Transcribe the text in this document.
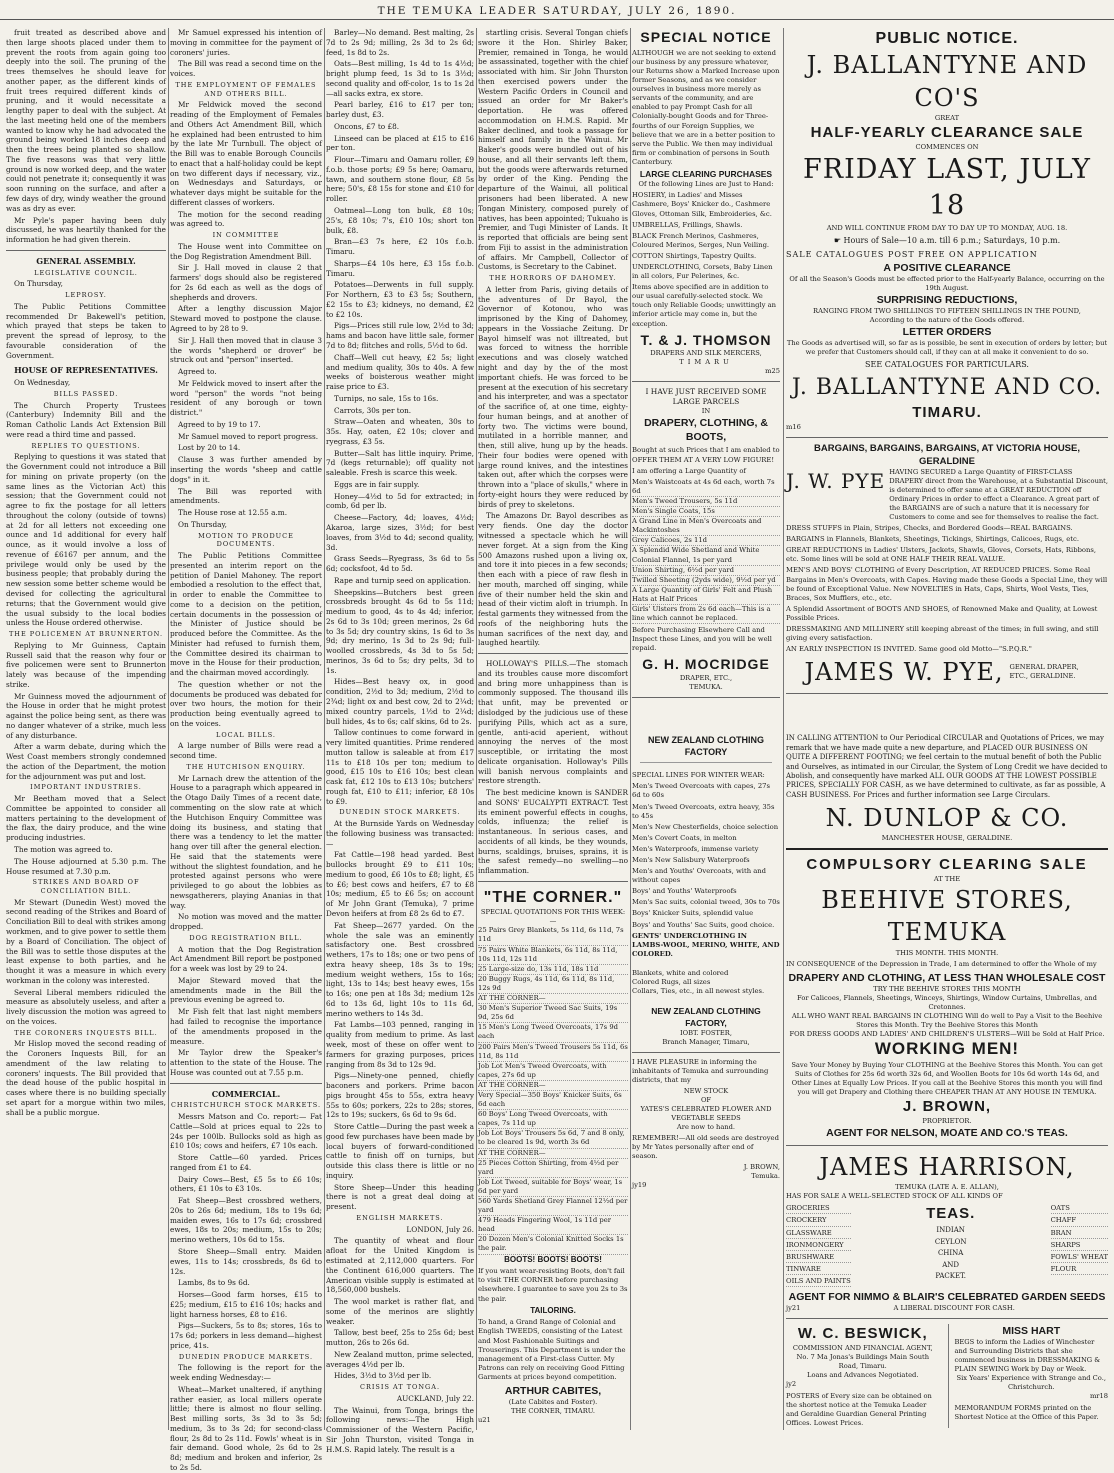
THE TEMUKA LEADER SATURDAY, JULY 26, 1890.

fruit treated as described above and then large shoots placed under them to prevent the roots from again going too deeply into the soil. The pruning of the trees themselves he should leave for another paper, as the different kinds of fruit trees required different kinds of pruning, and it would necessitate a lengthy paper to deal with the subject. At the last meeting held one of the members wanted to know why he had advocated the ground being worked 18 inches deep and then the trees being planted so shallow. The five reasons was that very little ground is now worked deep, and the water could not penetrate it; consequently it was soon running on the surface, and after a few days of dry, windy weather the ground was as dry as ever.

Mr Pyle's paper having been duly discussed, he was heartily thanked for the information he had given therein.

GENERAL ASSEMBLY.
LEGISLATIVE COUNCIL.

On Thursday,

LEPROSY.

The Public Petitions Committee recommended Dr Bakewell's petition, which prayed that steps be taken to prevent the spread of leprosy, to the favourable consideration of the Government.

HOUSE OF REPRESENTATIVES.

On Wednesday,

BILLS PASSED.

The Church Property Trustees (Canterbury) Indemnity Bill and the Roman Catholic Lands Act Extension Bill were read a third time and passed.

REPLIES TO QUESTIONS.

Replying to questions it was stated that the Government could not introduce a Bill for mining on private property (on the same lines as the Victorian Act) this session; that the Government could not agree to fix the postage for all letters throughout the colony (outside of towns) at 2d for all letters not exceeding one ounce and 1d additional for every half ounce, as it would involve a loss of revenue of £6167 per annum, and the privilege would only be used by the business people; that probably during the new session some better scheme would be devised for collecting the agricultural returns; that the Government would give the usual subsidy to the local bodies unless the House ordered otherwise.

THE POLICEMEN AT BRUNNERTON.

Replying to Mr Guinness, Captain Russell said that the reason why four or five policemen were sent to Brunnerton lately was because of the impending strike.

Mr Guinness moved the adjournment of the House in order that he might protest against the police being sent, as there was no danger whatever of a strike, much less of any disturbance.

After a warm debate, during which the West Coast members strongly condemned the action of the Department, the motion for the adjournment was put and lost.

IMPORTANT INDUSTRIES.

Mr Beetham moved that a Select Committee be appointed to consider all matters pertaining to the development of the flax, the dairy produce, and the wine producing industries.

The motion was agreed to.

The House adjourned at 5.30 p.m. The House resumed at 7.30 p.m.

STRIKES AND BOARD OF CONCILIATION BILL.

Mr Stewart (Dunedin West) moved the second reading of the Strikes and Board of Conciliation Bill to deal with strikes among workmen, and to give power to settle them by a Board of Conciliation. The object of the Bill was to settle those disputes at the least expense to both parties, and he thought it was a measure in which every workman in the colony was interested.

Several Liberal members ridiculed the measure as absolutely useless, and after a lively discussion the motion was agreed to on the voices.

THE CORONERS INQUESTS BILL.

Mr Hislop moved the second reading of the Coroners Inquests Bill, for an amendment of the law relating to coroners' inquests. The Bill provided that the dead house of the public hospital in cases where there is no building specially set apart for a morgue within two miles, shall be a public morgue.

Mr Samuel expressed his intention of moving in committee for the payment of coroners' juries.

The Bill was read a second time on the voices.

THE EMPLOYMENT OF FEMALES AND OTHERS BILL.

Mr Feldwick moved the second reading of the Employment of Females and Others Act Amendment Bill, which he explained had been entrusted to him by the late Mr Turnbull. The object of the Bill was to enable Borough Councils to enact that a half-holiday could be kept on two different days if necessary, viz., on Wednesdays and Saturdays, or whatever days might be suitable for the different classes of workers.

The motion for the second reading was agreed to.

IN COMMITTEE

The House went into Committee on the Dog Registration Amendment Bill.

Sir J. Hall moved in clause 2 that farmers' dogs should also be registered for 2s 6d each as well as the dogs of shepherds and drovers.

After a lengthy discussion Major Steward moved to postpone the clause. Agreed to by 28 to 9.

Sir J. Hall then moved that in clause 3 the words "shepherd or drover" be struck out and "person" inserted.

Agreed to.

Mr Feldwick moved to insert after the word "person" the words "not being resident of any borough or town district."

Agreed to by 19 to 17.

Mr Samuel moved to report progress.

Lost by 20 to 14.

Clause 3 was further amended by inserting the words "sheep and cattle dogs" in it.

The Bill was reported with amendments.

The House rose at 12.55 a.m.

On Thursday,

MOTION TO PRODUCE DOCUMENTS.

The Public Petitions Committee presented an interim report on the petition of Daniel Mahoney. The report embodied a resolution to the effect that, in order to enable the Committee to come to a decision on the petition, certain documents in the possession of the Minister of Justice should be produced before the Committee. As the Minister had refused to furnish them, the Committee desired its chairman to move in the House for their production, and the chairman moved accordingly.

The question whether or not the documents be produced was debated for over two hours, the motion for their production being eventually agreed to on the voices.

LOCAL BILLS.

A large number of Bills were read a second time.

THE HUTCHISON ENQUIRY.

Mr Larnach drew the attention of the House to a paragraph which appeared in the Otago Daily Times of a recent date, commenting on the slow rate at which the Hutchison Enquiry Committee was doing its business, and stating that there was a tendency to let the matter hang over till after the general election. He said that the statements were without the slightest foundation, and he protested against persons who were privileged to go about the lobbies as newsgatherers, playing Ananias in that way.

No motion was moved and the matter dropped.

DOG REGISTRATION BILL.

A motion that the Dog Registration Act Amendment Bill report be postponed for a week was lost by 29 to 24.

Major Steward moved that the amendments made in the Bill the previous evening be agreed to.

Mr Fish felt that last night members had failed to recognise the importance of the amendments proposed in the measure.

Mr Taylor drew the Speaker's attention to the state of the House. The House was counted out at 7.55 p.m.

COMMERCIAL.
CHRISTCHURCH STOCK MARKETS.

Messrs Matson and Co. report:— Fat Cattle—Sold at prices equal to 22s to 24s per 100lb. Bullocks sold as high as £10 10s; cows and heifers, £7 10s each.

Store Cattle—60 yarded. Prices ranged from £1 to £4.

Dairy Cows—Best, £5 5s to £6 10s; others, £1 10s to £3 10s.

Fat Sheep—Best crossbred wethers, 20s to 26s 6d; medium, 18s to 19s 6d; maiden ewes, 16s to 17s 6d; crossbred ewes, 18s to 20s; medium, 15s to 20s; merino wethers, 10s 6d to 15s.

Store Sheep—Small entry. Maiden ewes, 11s to 14s; crossbreds, 8s 6d to 12s.

Lambs, 8s to 9s 6d.

Horses—Good farm horses, £15 to £25; medium, £15 to £16 10s; hacks and light harness horses, £8 to £16.

Pigs—Suckers, 5s to 8s; stores, 16s to 17s 6d; porkers in less demand—highest price, 41s.

DUNEDIN PRODUCE MARKETS.

The following is the report for the week ending Wednesday:—

Wheat—Market unaltered, if anything rather easier, as local millers operate little; there is almost no flour selling. Best milling sorts, 3s 3d to 3s 5d; medium, 3s to 3s 2d; for second-class flour, 2s 8d to 2s 11d. Fowls' wheat is in fair demand. Good whole, 2s 6d to 2s 8d; medium and broken and inferior, 2s to 2s 5d.

Barley—No demand. Best malting, 2s 7d to 2s 9d; milling, 2s 3d to 2s 6d; feed, 1s 8d to 2s.

Oats—Best milling, 1s 4d to 1s 4½d; bright plump feed, 1s 3d to 1s 3½d; second quality and off-color, 1s to 1s 2d—all sacks extra, ex store.

Pearl barley, £16 to £17 per ton; barley dust, £3.

Oncons, £7 to £8.

Linseed can be placed at £15 to £16 per ton.

Flour—Timaru and Oamaru roller, £9 f.o.b. those ports; £9 5s here; Oamaru, tawn, and southern stone flour, £8 5s here; 50's, £8 15s for stone and £10 for roller.

Oatmeal—Long ton bulk, £8 10s; 25's, £8 10s; 7's, £10 10s; short ton bulk, £8.

Bran—£3 7s here, £2 10s f.o.b. Timaru.

Sharps—£4 10s here, £3 15s f.o.b. Timaru.

Potatoes—Derwents in full supply. For Northern, £3 to £3 5s; Southern, £2 15s to £3; kidneys, no demand, £2 to £2 10s.

Pigs—Prices still rule low, 2½d to 3d; hams and bacon have little sale, former 7d to 8d; flitches and rolls, 5½d to 6d.

Chaff—Well cut heavy, £2 5s; light and medium quality, 30s to 40s. A few weeks of boisterous weather might raise price to £3.

Turnips, no sale, 15s to 16s.

Carrots, 30s per ton.

Straw—Oaten and wheaten, 30s to 35s. Hay, oaten, £2 10s; clover and ryegrass, £3 5s.

Butter—Salt has little inquiry. Prime, 7d (kegs returnable); off quality not saleable. Fresh is scarce this week.

Eggs are in fair supply.

Honey—4½d to 5d for extracted; in comb, 6d per lb.

Cheese—Factory, 4d; loaves, 4½d; Akaroa, large sizes, 3½d; for best loaves, from 3½d to 4d; second quality, 3d.

Grass Seeds—Ryegrass, 3s 6d to 5s 6d; cocksfoot, 4d to 5d.

Rape and turnip seed on application.

Sheepskins—Butchers best green crossbreds brought 4s 6d to 5s 11d; medium to good, 4s to 4s 4d; inferior, 2s 6d to 3s 10d; green merinos, 2s 6d to 3s 5d; dry country skins, 1s 6d to 3s 9d; dry merino, 1s 3d to 2s 9d; full-woolled crossbreds, 4s 3d to 5s 5d; merinos, 3s 6d to 5s; dry pelts, 3d to 1s.

Hides—Best heavy ox, in good condition, 2½d to 3d; medium, 2½d to 2¾d; light ox and best cow, 2d to 2¼d; mixed country parcels, 1½d to 2¼d; bull hides, 4s to 6s; calf skins, 6d to 2s.

Tallow continues to come forward in very limited quantities. Prime rendered mutton tallow is saleable at from £17 11s to £18 10s per ton; medium to good, £15 10s to £16 10s; best clean cask fat, £12 10s to £13 10s; butchers' rough fat, £10 to £11; inferior, £8 10s to £9.

DUNEDIN STOCK MARKETS.

At the Burnside Yards on Wednesday the following business was transacted:—

Fat Cattle—198 head yarded. Best bullocks brought £9 to £11 10s; medium to good, £6 10s to £8; light, £5 to £6; best cows and heifers, £7 to £8 10s; medium, £5 to £6 5s; on account of Mr John Grant (Temuka), 7 prime Devon heifers at from £8 2s 6d to £7.

Fat Sheep—2677 yarded. On the whole the sale was an eminently satisfactory one. Best crossbred wethers, 17s to 18s; one or two pens of extra heavy sheep, 18s 3s to 19s; medium weight wethers, 15s to 16s; light, 13s to 14s; best heavy ewes, 15s to 16s; one pen at 18s 3d; medium 12s 6d to 13s 6d, light 10s to 11s 6d, merino wethers to 14s 3d.

Fat Lambs—103 penned, ranging in quality from medium to prime. As last week, most of these on offer went to farmers for grazing purposes, prices ranging from 8s 3d to 12s 9d.

Pigs—Ninety-one penned, chiefly baconers and porkers. Prime bacon pigs brought 45s to 55s, extra heavy 55s to 60s; porkers, 22s to 28s; stores, 12s to 19s; suckers, 6s 6d to 9s 6d.

Store Cattle—During the past week a good few purchases have been made by local buyers of forward-conditioned cattle to finish off on turnips, but outside this class there is little or no inquiry.

Store Sheep—Under this heading there is not a great deal doing at present.

ENGLISH MARKETS.

LONDON, July 26.

The quantity of wheat and flour afloat for the United Kingdom is estimated at 2,112,000 quarters. For the Continent 616,000 quarters. The American visible supply is estimated at 18,560,000 bushels.

The wool market is rather flat, and some of the merinos are slightly weaker.

Tallow, best beef, 25s to 25s 6d; best mutton, 26s to 26s 6d.

New Zealand mutton, prime selected, averages 4½d per lb.

Hides, 3½d to 3½d per lb.

CRISIS AT TONGA.

AUCKLAND, July 22.

The Wainui, from Tonga, brings the following news:—The High Commissioner of the Western Pacific, Sir John Thurston, visited Tonga in H.M.S. Rapid lately. The result is a

startling crisis. Several Tongan chiefs swore it the Hon. Shirley Baker, Premier, remained in Tonga, he would be assassinated, together with the chief associated with him. Sir John Thurston then exercised powers under the Western Pacific Orders in Council and issued an order for Mr Baker's deportation. He was offered accommodation on H.M.S. Rapid. Mr Baker declined, and took a passage for himself and family in the Wainui. Mr Baker's goods were bundled out of his house, and all their servants left them, but the goods were afterwards returned by order of the King. Pending the departure of the Wainui, all political prisoners had been liberated. A new Tongan Ministery, composed purely of natives, has been appointed; Tukuaho is Premier, and Tugi Minister of Lands. It is reported that officials are being sent from Fiji to assist in the administration of affairs. Mr Campbell, Collector of Customs, is Secretary to the Cabinet.

THE HORRORS OF DAHOMEY.

A letter from Paris, giving details of the adventures of Dr Bayol, the Governor of Kotonou, who was imprisoned by the King of Dahomey, appears in the Vossiache Zeitung. Dr Bayol himself was not illtreated, but was forced to witness the horrible executions and was closely watched night and day by the of the most important chiefs. He was forced to be present at the execution of his secretary and his interpreter, and was a spectator of the sacrifice of, at one time, eighty-four human beings, and at another of forty two. The victims were bound, mutilated in a horrible manner, and then, still alive, hung up by the heads. Their four bodies were opened with large round knives, and the intestines taken out, after which the corpses were thrown into a "place of skulls," where in forty-eight hours they were reduced by birds of prey to skeletons.

The Amazons Dr. Bayol describes as very fiends. One day the doctor witnessed a spectacle which he will never forget. At a sign from the King 500 Amazons rushed upon a living ox, and tore it into pieces in a few seconds; then each with a piece of raw flesh in her mouth, marched off singing, while five of their number held the skin and head of their victim aloft in triumph. In festal garments they witnessed from the roofs of the neighboring huts the human sacrifices of the next day, and laughed heartily.

HOLLOWAY'S PILLS.—The stomach and its troubles cause more discomfort and bring more unhappiness than is commonly supposed. The thousand ills that unfit, may be prevented or dislodged by the judicious use of these purifying Pills, which act as a sure, gentle, anti-acid aperient, without annoying the nerves of the most susceptible, or irritating the most delicate organisation. Holloway's Pills will banish nervous complaints and restore strength.

The best medicine known is SANDER and SONS' EUCALYPTI EXTRACT. Test its eminent powerful effects in coughs, colds, influenza; the relief is instantaneous. In serious cases, and accidents of all kinds, be they wounds, burns, scaldings, bruises, sprains, it is the safest remedy—no swelling—no inflammation.

"THE CORNER."
SPECIAL QUOTATIONS FOR THIS WEEK:—
25 Pairs Grey Blankets, 5s 11d, 6s 11d, 7s 11d
75 Pairs White Blankets, 6s 11d, 8s 11d, 10s 11d, 12s 11d
25 Large-size do, 13s 11d, 18s 11d
20 Buggy Rugs, 4s 11d, 6s 11d, 8s 11d, 12s 9d
AT THE CORNER—
30 Men's Superior Tweed Sac Suits, 19s 9d, 25s 6d
15 Men's Long Tweed Overcoats, 17s 9d each
200 Pairs Men's Tweed Trousers 5s 11d, 6s 11d, 8s 11d
Job Lot Men's Tweed Overcoats, with capes, 27s 6d up
AT THE CORNER—
Very Special—350 Boys' Knicker Suits, 6s 6d each
60 Boys' Long Tweed Overcoats, with capes, 7s 11d up
Job Lot Boys' Trousers 5s 6d, 7 and 8 only, to be cleared 1s 9d, worth 3s 6d
AT THE CORNER—
25 Pieces Cotton Shirting, from 4½d per yard
Job Lot Tweed, suitable for Boys' wear, 1s 6d per yard
560 Yards Shetland Grey Flannel 12½d per yard
479 Heads Fingering Wool, 1s 11d per head
20 Dozen Men's Colonial Knitted Socks 1s the pair.
BOOTS! BOOTS! BOOTS!
If you want wear-resisting Boots, don't fail to visit THE CORNER before purchasing elsewhere. I guarantee to save you 2s to 3s the pair.
TAILORING.
To hand, a Grand Range of Colonial and English TWEEDS, consisting of the Latest and Most Fashionable Suitings and Trouserings. This Department is under the management of a First-class Cutter. My Patrons can rely on receiving Good Fitting Garments at prices beyond competition.
ARTHUR CABITES,
(Late Cabites and Foster).
THE CORNER, TIMARU.
u21
SPECIAL NOTICE
ALTHOUGH we are not seeking to extend our business by any pressure whatever, our Returns show a Marked Increase upon former Seasons, and as we consider ourselves in business more merely as servants of the community, and are enabled to pay Prompt Cash for all Colonially-bought Goods and for Three-fourths of our Foreign Supplies, we believe that we are in a better position to serve the Public. We then may individual firm or combination of persons in South Canterbury.
LARGE CLEARING PURCHASES
Of the following Lines are Just to Hand:
HOSIERY, in Ladies' and Misses Cashmere, Boys' Knicker do., Cashmere Gloves, Ottoman Silk, Embroideries, &c.
UMBRELLAS, Frillings, Shawls.
BLACK French Merinos, Cashmeres, Coloured Merinos, Serges, Nun Veiling.
COTTON Shirtings, Tapestry Quilts.
UNDERCLOTHING, Corsets, Baby Linen in all colors, Fur Pelerines, &c.
Items above specified are in addition to our usual carefully-selected stock. We touch only Reliable Goods; unwittingly an inferior article may come in, but the exception.
T. & J. THOMSON
DRAPERS AND SILK MERCERS,
TIMARU
m25
I HAVE JUST RECEIVED SOME LARGE PARCELS
IN
DRAPERY, CLOTHING, & BOOTS,
Bought at such Prices that I am enabled to OFFER THEM AT A VERY LOW FIGURE!
I am offering a Large Quantity of
Men's Waistcoats at 4s 6d each, worth 7s 6d
Men's Tweed Trousers, 5s 11d
Men's Single Coats, 15s
A Grand Line in Men's Overcoats and Mackintoshes
Grey Calicoes, 2s 11d
A Splendid Wide Shetland and White Colonial Flannel, 1s per yard
Union Shirting, 6½d per yard
Twilled Sheeting (2yds wide), 9½d per yd
A Large Quantity of Girls' Felt and Plush Hats at Half Prices
Girls' Ulsters from 2s 6d each—This is a line which cannot be replaced.
Before Purchasing Elsewhere Call and Inspect these Lines, and you will be well repaid.
G. H. MOCRIDGE
DRAPER, ETC.,
TEMUKA.
NEW ZEALAND CLOTHING FACTORY
SPECIAL LINES FOR WINTER WEAR:
Men's Tweed Overcoats with capes, 27s 6d to 60s
Men's Tweed Overcoats, extra heavy, 35s to 45s
Men's New Chesterfields, choice selection
Men's Covert Coats, in melton
Men's Waterproofs, immense variety
Men's New Salisbury Waterproofs
Men's and Youths' Overcoats, with and without capes
Boys' and Youths' Waterproofs
Men's Sac suits, colonial tweed, 30s to 70s
Boys' Knicker Suits, splendid value
Boys' and Youths' Sac Suits, good choice.
GENTS' UNDERCLOTHING IN LAMBS-WOOL, MERINO, WHITE, AND COLORED.
Blankets, white and colored
Colored Rugs, all sizes
Collars, Ties, etc., in all newest styles.
NEW ZEALAND CLOTHING FACTORY,
IOBT. FOSTER,
Branch Manager, Timaru,
I HAVE PLEASURE in informing the inhabitants of Temuka and surrounding districts, that my
NEW STOCK
OF
YATES'S CELEBRATED FLOWER AND VEGETABLE SEEDS
Are now to hand.
REMEMBER!—All old seeds are destroyed by Mr Yates personally after end of season.
J. BROWN,
Temuka.
jy19
PUBLIC NOTICE.
J. BALLANTYNE AND CO'S
GREAT
HALF-YEARLY CLEARANCE SALE
COMMENCES ON
FRIDAY LAST, JULY 18
AND WILL CONTINUE FROM DAY TO DAY UP TO MONDAY, AUG. 18.
☛ Hours of Sale—10 a.m. till 6 p.m.; Saturdays, 10 p.m.
SALE CATALOGUES POST FREE ON APPLICATION
A POSITIVE CLEARANCE
Of all the Season's Goods must be effected prior to the Half-yearly Balance, occurring on the 19th August.
SURPRISING REDUCTIONS,
RANGING FROM TWO SHILLINGS TO FIFTEEN SHILLINGS IN THE POUND,
According to the nature of the Goods offered.
LETTER ORDERS
The Goods as advertised will, so far as is possible, be sent in execution of orders by letter; but we prefer that Customers should call, if they can at all make it convenient to do so.
SEE CATALOGUES FOR PARTICULARS.
J. BALLANTYNE AND CO.
TIMARU.
m16
BARGAINS, BARGAINS, BARGAINS, AT VICTORIA HOUSE, GERALDINE
J. W. PYE HAVING SECURED a Large Quantity of FIRST-CLASS DRAPERY direct from the Warehouse, at a Substantial Discount, is determined to offer same at a GREAT REDUCTION off Ordinary Prices in order to effect a Clearance. A great part of the BARGAINS are of such a nature that it is necessary for Customers to come and see for themselves to realise the fact.
DRESS STUFFS in Plain, Stripes, Checks, and Bordered Goods—REAL BARGAINS.
BARGAINS in Flannels, Blankets, Sheetings, Tickings, Shirtings, Calicoes, Rugs, etc.
GREAT REDUCTIONS in Ladies' Ulsters, Jackets, Shawls, Gloves, Corsets, Hats, Ribbons, etc. Some lines will be sold at ONE HALF THEIR REAL VALUE.
MEN'S AND BOYS' CLOTHING of Every Description, AT REDUCED PRICES. Some Real Bargains in Men's Overcoats, with Capes. Having made these Goods a Special Line, they will be found of Exceptional Value. New NOVELTIES in Hats, Caps, Shirts, Wool Vests, Ties, Braces, Sox Mufflers, etc., etc.
A Splendid Assortment of BOOTS AND SHOES, of Renowned Make and Quality, at Lowest Possible Prices.
DRESSMAKING AND MILLINERY still keeping abreast of the times; in full swing, and still giving every satisfaction.
AN EARLY INSPECTION IS INVITED. Same good old Motto—"S.P.Q.R."
JAMES W. PYE, GENERAL DRAPER, ETC., GERALDINE.
IN CALLING ATTENTION to Our Periodical CIRCULAR and Quotations of Prices, we may remark that we have made quite a new departure, and PLACED OUR BUSINESS ON QUITE A DIFFERENT FOOTING; we feel certain to the mutual benefit of both the Public and Ourselves, as intimated in our Circular, the System of Long Credit we have decided to Abolish, and consequently have marked ALL OUR GOODS AT THE LOWEST POSSIBLE PRICES, SPECIALLY FOR CASH, as we have determined to cultivate, as far as possible, A CASH BUSINESS. For Prices and further information see Large Circulars.
N. DUNLOP & CO.
MANCHESTER HOUSE, GERALDINE.
COMPULSORY CLEARING SALE
AT THE
BEEHIVE STORES, TEMUKA
THIS MONTH. THIS MONTH.
IN CONSEQUENCE of the Depression in Trade, I am determined to offer the Whole of my
DRAPERY AND CLOTHING, AT LESS THAN WHOLESALE COST
TRY THE BEEHIVE STORES THIS MONTH
For Calicoes, Flannels, Sheetings, Winceys, Shirtings, Window Curtains, Umbrellas, and Cretonnes.
ALL WHO WANT REAL BARGAINS IN CLOTHING Will do well to Pay a Visit to the Beehive Stores this Month. Try the Beehive Stores this Month
FOR DRESS GOODS AND LADIES' AND CHILDREN'S ULSTERS—Will be Sold at Half Price.
WORKING MEN!
Save Your Money by Buying Your CLOTHING at the Beehive Stores this Month. You can get Suits of Clothes for 25s 6d worth 32s 6d, and Woollen Boots for 10s 6d worth 14s 6d, and Other Lines at Equally Low Prices. If you call at the Beehive Stores this month you will find you will get Drapery and Clothing there CHEAPER THAN AT ANY HOUSE IN TEMUKA.
J. BROWN,
PROPRIETOR.
AGENT FOR NELSON, MOATE AND CO.'S TEAS.
JAMES HARRISON,
TEMUKA (LATE A. E. ALLAN),
HAS FOR SALE A WELL-SELECTED STOCK OF ALL KINDS OF
GROCERIES
CROCKERY
GLASSWARE
IRONMONGERY
BRUSHWARE
TINWARE
OILS AND PAINTS
TEAS.
INDIAN
CEYLON
CHINA
AND
PACKET.
OATS
CHAFF
BRAN
SHARPS
FOWLS' WHEAT
FLOUR
AGENT FOR NIMMO & BLAIR'S CELEBRATED GARDEN SEEDS
jy21	A LIBERAL DISCOUNT FOR CASH.
W. C. BESWICK,
COMMISSION AND FINANCIAL AGENT,
No. 7 Ma Jonas's Buildings Main South Road, Timaru.
Loans and Advances Negotiated.
jy2
POSTERS of Every size can be obtained on the shortest notice at the Temuka Leader and Geraldine Guardian General Printing Offices. Lowest Prices.
MISS HART
BEGS to inform the Ladies of Winchester and Surrounding Districts that she commenced business in DRESSMAKING & PLAIN SEWING Work by Day or Week.
Six Years' Experience with Strange and Co., Christchurch.
mr18
MEMORANDUM FORMS printed on the Shortest Notice at the Office of this Paper.
